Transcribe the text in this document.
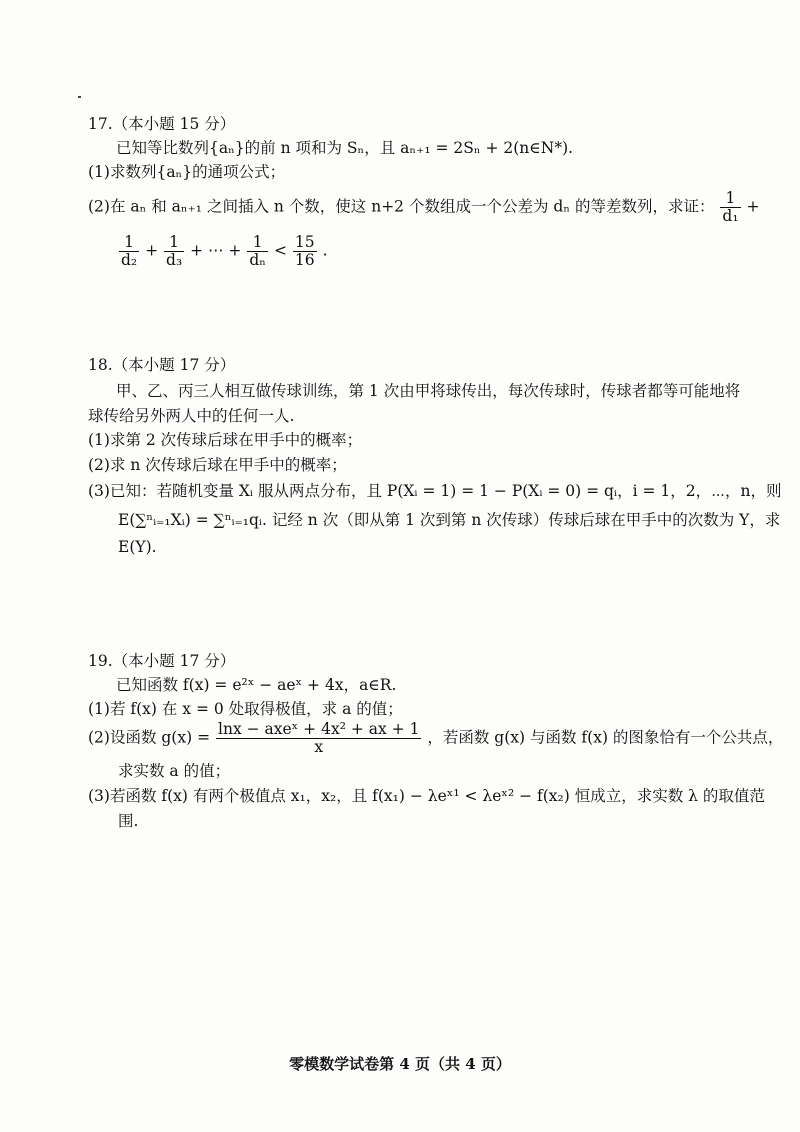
17.（本小题 15 分）
已知等比数列{aₙ}的前 n 项和为 Sₙ，且 aₙ₊₁ = 2Sₙ + 2(n∈N*).
(1)求数列{aₙ}的通项公式；
(2)在 aₙ 和 aₙ₊₁ 之间插入 n 个数，使这 n+2 个数组成一个公差为 dₙ 的等差数列，求证： $\frac{1}{\text{d₁}}$ +
$\frac{1}{\text{d₂}} + \frac{1}{\text{d₃}}$ + ⋯ + $\frac{1}{\text{dₙ}} < \frac{15}{16}$ .
18.（本小题 17 分）
甲、乙、丙三人相互做传球训练，第 1 次由甲将球传出，每次传球时，传球者都等可能地将
球传给另外两人中的任何一人.
(1)求第 2 次传球后球在甲手中的概率；
(2)求 n 次传球后球在甲手中的概率；
(3)已知：若随机变量 Xᵢ 服从两点分布，且 P(Xᵢ = 1) = 1 − P(Xᵢ = 0) = qᵢ，i = 1，2，⋯，n，则
E(∑ⁿᵢ₌₁Xᵢ) = ∑ⁿᵢ₌₁qᵢ. 记经 n 次（即从第 1 次到第 n 次传球）传球后球在甲手中的次数为 Y，求
E(Y).
19.（本小题 17 分）
已知函数 f(x) = e²ˣ − aeˣ + 4x，a∈R.
(1)若 f(x) 在 x = 0 处取得极值，求 a 的值；
(2)设函数 $g(x) = \frac{\text{lnx − axeˣ + 4x² + ax + 1}}{x}$ ，若函数 g(x) 与函数 f(x) 的图象恰有一个公共点，
求实数 a 的值；
(3)若函数 f(x) 有两个极值点 x₁，x₂，且 f(x₁) − λeˣ¹ < λeˣ² − f(x₂) 恒成立，求实数 λ 的取值范
围.
零模数学试卷第 4 页（共 4 页）
